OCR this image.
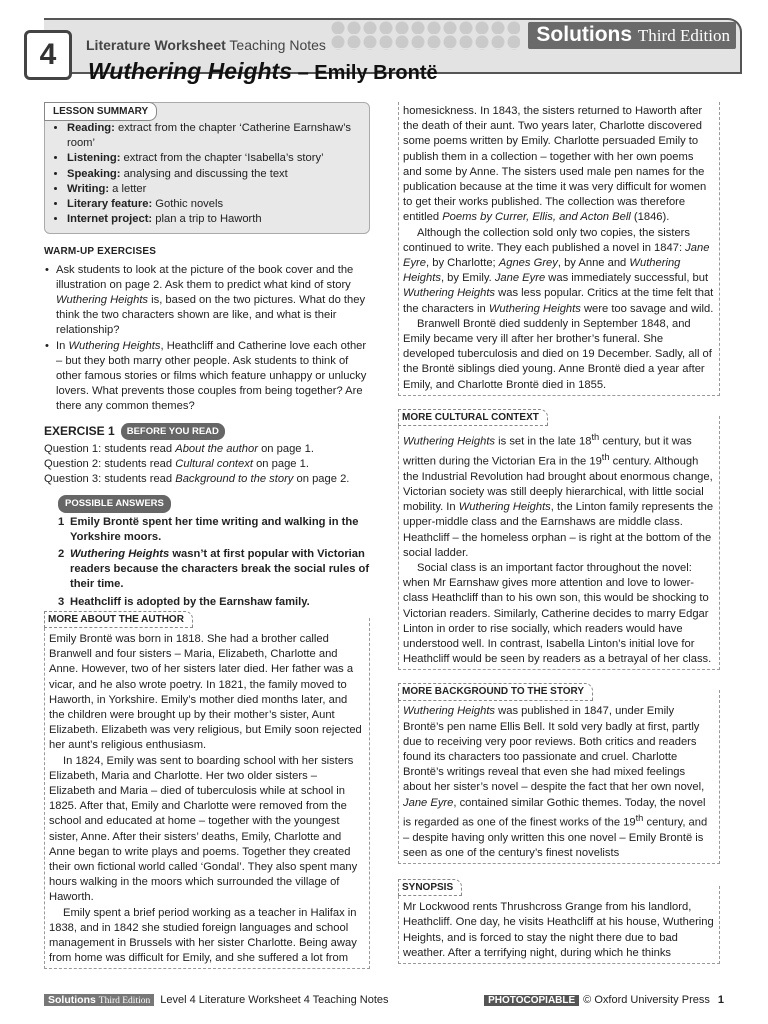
4	Literature Worksheet Teaching Notes	Solutions Third Edition
Wuthering Heights – Emily Brontë
LESSON SUMMARY
• Reading: extract from the chapter ‘Catherine Earnshaw’s room’
• Listening: extract from the chapter ‘Isabella’s story’
• Speaking: analysing and discussing the text
• Writing: a letter
• Literary feature: Gothic novels
• Internet project: plan a trip to Haworth
WARM-UP EXERCISES
• Ask students to look at the picture of the book cover and the illustration on page 2. Ask them to predict what kind of story Wuthering Heights is, based on the two pictures. What do they think the two characters shown are like, and what is their relationship?
• In Wuthering Heights, Heathcliff and Catherine love each other – but they both marry other people. Ask students to think of other famous stories or films which feature unhappy or unlucky lovers. What prevents those couples from being together? Are there any common themes?
EXERCISE 1	BEFORE YOU READ

Question 1: students read About the author on page 1.

Question 2: students read Cultural context on page 1.

Question 3: students read Background to the story on page 2.

POSSIBLE ANSWERS
1 Emily Brontë spent her time writing and walking in the Yorkshire moors.
2 Wuthering Heights wasn’t at first popular with Victorian readers because the characters break the social rules of their time.
3 Heathcliff is adopted by the Earnshaw family.
MORE ABOUT THE AUTHOR

Emily Brontë was born in 1818. She had a brother called Branwell and four sisters – Maria, Elizabeth, Charlotte and Anne. However, two of her sisters later died. Her father was a vicar, and he also wrote poetry. In 1821, the family moved to Haworth, in Yorkshire. Emily’s mother died months later, and the children were brought up by their mother’s sister, Aunt Elizabeth. Elizabeth was very religious, but Emily soon rejected her aunt’s religious enthusiasm.

In 1824, Emily was sent to boarding school with her sisters Elizabeth, Maria and Charlotte. Her two older sisters – Elizabeth and Maria – died of tuberculosis while at school in 1825. After that, Emily and Charlotte were removed from the school and educated at home – together with the youngest sister, Anne. After their sisters’ deaths, Emily, Charlotte and Anne began to write plays and poems. Together they created their own fictional world called ‘Gondal’. They also spent many hours walking in the moors which surrounded the village of Haworth.

Emily spent a brief period working as a teacher in Halifax in 1838, and in 1842 she studied foreign languages and school management in Brussels with her sister Charlotte. Being away from home was difficult for Emily, and she suffered a lot from

homesickness. In 1843, the sisters returned to Haworth after the death of their aunt. Two years later, Charlotte discovered some poems written by Emily. Charlotte persuaded Emily to publish them in a collection – together with her own poems and some by Anne. The sisters used male pen names for the publication because at the time it was very difficult for women to get their works published. The collection was therefore entitled Poems by Currer, Ellis, and Acton Bell (1846).

Although the collection sold only two copies, the sisters continued to write. They each published a novel in 1847: Jane Eyre, by Charlotte; Agnes Grey, by Anne and Wuthering Heights, by Emily. Jane Eyre was immediately successful, but Wuthering Heights was less popular. Critics at the time felt that the characters in Wuthering Heights were too savage and wild.

Branwell Brontë died suddenly in September 1848, and Emily became very ill after her brother’s funeral. She developed tuberculosis and died on 19 December. Sadly, all of the Brontë siblings died young. Anne Brontë died a year after Emily, and Charlotte Brontë died in 1855.

MORE CULTURAL CONTEXT

Wuthering Heights is set in the late 18th century, but it was written during the Victorian Era in the 19th century. Although the Industrial Revolution had brought about enormous change, Victorian society was still deeply hierarchical, with little social mobility. In Wuthering Heights, the Linton family represents the upper-middle class and the Earnshaws are middle class. Heathcliff – the homeless orphan – is right at the bottom of the social ladder.

Social class is an important factor throughout the novel: when Mr Earnshaw gives more attention and love to lower-class Heathcliff than to his own son, this would be shocking to Victorian readers. Similarly, Catherine decides to marry Edgar Linton in order to rise socially, which readers would have understood well. In contrast, Isabella Linton’s initial love for Heathcliff would be seen by readers as a betrayal of her class.

MORE BACKGROUND TO THE STORY

Wuthering Heights was published in 1847, under Emily Brontë’s pen name Ellis Bell. It sold very badly at first, partly due to receiving very poor reviews. Both critics and readers found its characters too passionate and cruel. Charlotte Brontë’s writings reveal that even she had mixed feelings about her sister’s novel – despite the fact that her own novel, Jane Eyre, contained similar Gothic themes. Today, the novel is regarded as one of the finest works of the 19th century, and – despite having only written this one novel – Emily Brontë is seen as one of the century’s finest novelists

SYNOPSIS

Mr Lockwood rents Thrushcross Grange from his landlord, Heathcliff. One day, he visits Heathcliff at his house, Wuthering Heights, and is forced to stay the night there due to bad weather. After a terrifying night, during which he thinks

Solutions Third Edition Level 4 Literature Worksheet 4 Teaching Notes	PHOTOCOPIABLE © Oxford University Press 1
